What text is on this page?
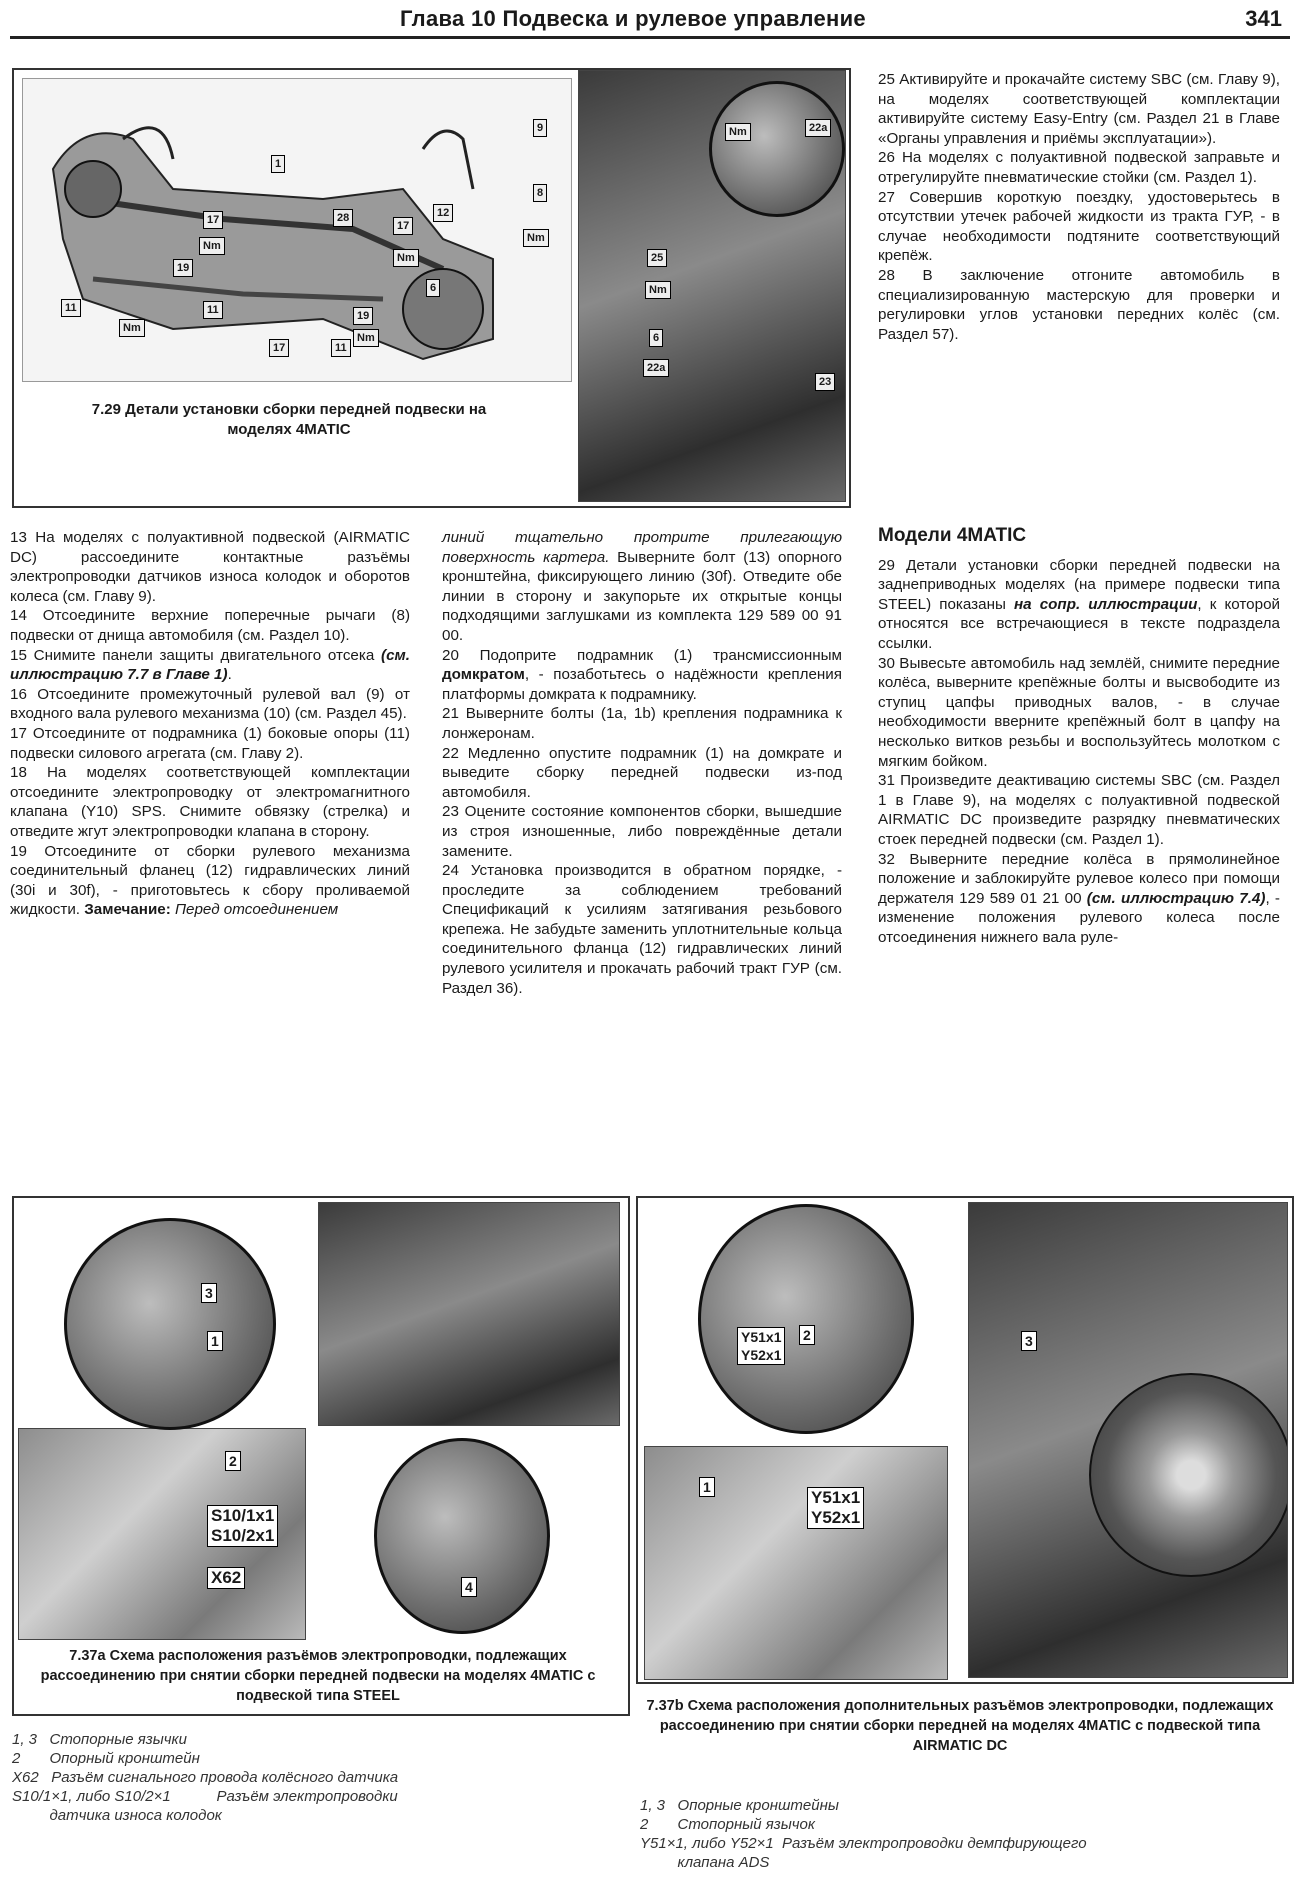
Глава 10 Подвеска и рулевое управление	341
1
6
8
9
11
12
17	17
17
19
19
28
11
11
Nm
Nm
Nm
Nm
Nm
Nm	22a
25
Nm
6
22a
23
7.29 Детали установки сборки передней подвески на моделях 4MATIC

25 Активируйте и прокачайте систему SBC (см. Главу 9), на моделях соответствующей комплектации активируйте систему Easy-Entry (см. Раздел 21 в Главе «Органы управления и приёмы эксплуатации»).

26 На моделях с полуактивной подвеской заправьте и отрегулируйте пневматические стойки (см. Раздел 1).

27 Совершив короткую поездку, удостоверьтесь в отсутствии утечек рабочей жидкости из тракта ГУР, - в случае необходимости подтяните соответствующий крепёж.

28 В заключение отгоните автомобиль в специализированную мастерскую для проверки и регулировки углов установки передних колёс (см. Раздел 57).

13 На моделях с полуактивной подвеской (AIRMATIC DC) рассоедините контактные разъёмы электропроводки датчиков износа колодок и оборотов колеса (см. Главу 9).

14 Отсоедините верхние поперечные рычаги (8) подвески от днища автомобиля (см. Раздел 10).

15 Снимите панели защиты двигательного отсека (см. иллюстрацию 7.7 в Главе 1).

16 Отсоедините промежуточный рулевой вал (9) от входного вала рулевого механизма (10) (см. Раздел 45).

17 Отсоедините от подрамника (1) боковые опоры (11) подвески силового агрегата (см. Главу 2).

18 На моделях соответствующей комплектации отсоедините электропроводку от электромагнитного клапана (Y10) SPS. Снимите обвязку (стрелка) и отведите жгут электропроводки клапана в сторону.

19 Отсоедините от сборки рулевого механизма соединительный фланец (12) гидравлических линий (30i и 30f), - приготовьтесь к сбору проливаемой жидкости. Замечание: Перед отсоединением

линий тщательно протрите прилегающую поверхность картера. Выверните болт (13) опорного кронштейна, фиксирующего линию (30f). Отведите обе линии в сторону и закупорьте их открытые концы подходящими заглушками из комплекта 129 589 00 91 00.

20 Подоприте подрамник (1) трансмиссионным домкратом, - позаботьтесь о надёжности крепления платформы домкрата к подрамнику.

21 Выверните болты (1a, 1b) крепления подрамника к лонжеронам.

22 Медленно опустите подрамник (1) на домкрате и выведите сборку передней подвески из-под автомобиля.

23 Оцените состояние компонентов сборки, вышедшие из строя изношенные, либо повреждённые детали замените.

24 Установка производится в обратном порядке, - проследите за соблюдением требований Спецификаций к усилиям затягивания резьбового крепежа. Не забудьте заменить уплотнительные кольца соединительного фланца (12) гидравлических линий рулевого усилителя и прокачать рабочий тракт ГУР (см. Раздел 36).

Модели 4MATIC

29 Детали установки сборки передней подвески на заднеприводных моделях (на примере подвески типа STEEL) показаны на сопр. иллюстрации, к которой относятся все встречающиеся в тексте подраздела ссылки.

30 Вывесьте автомобиль над землёй, снимите передние колёса, выверните крепёжные болты и высвободите из ступиц цапфы приводных валов, - в случае необходимости вверните крепёжный болт в цапфу на несколько витков резьбы и воспользуйтесь молотком с мягким бойком.

31 Произведите деактивацию системы SBC (см. Раздел 1 в Главе 9), на моделях с полуактивной подвеской AIRMATIC DC произведите разрядку пневматических стоек передней подвески (см. Раздел 1).

32 Выверните передние колёса в прямолинейное положение и заблокируйте рулевое колесо при помощи держателя 129 589 01 21 00 (см. иллюстрацию 7.4), - изменение положения рулевого колеса после отсоединения нижнего вала руле-

S10/1x1
S10/2x1
X62
2
3
1
4
7.37a Схема расположения разъёмов электропроводки, подлежащих рассоединению при снятии сборки передней подвески на моделях 4MATIC с подвеской типа STEEL
1, 3   Стопорные язычки
2       Опорный кронштейн
X62   Разъём сигнального провода колёсного датчика
S10/1×1, либо S10/2×1           Разъём электропроводки
датчика износа колодок
Y51x1
Y52x1
1
3
Y51x1
Y52x1
2
7.37b Схема расположения дополнительных разъёмов электропроводки, подлежащих рассоединению при снятии сборки передней на моделях 4MATIC с подвеской типа AIRMATIC DC
1, 3   Опорные кронштейны
2       Стопорный язычок
Y51×1, либо Y52×1  Разъём электропроводки демпфирующего
клапана ADS
